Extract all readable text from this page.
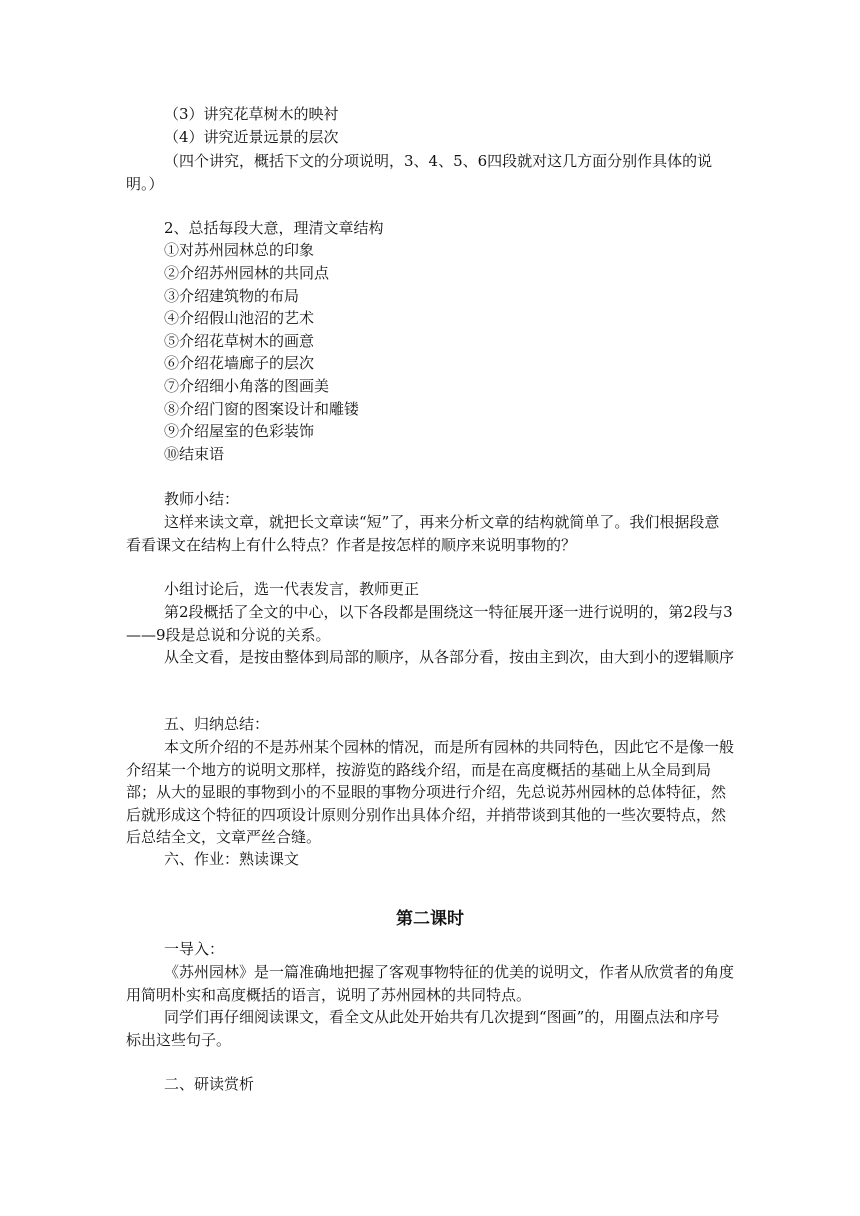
（3）讲究花草树木的映衬
（4）讲究近景远景的层次
（四个讲究，概括下文的分项说明，3、4、5、6四段就对这几方面分别作具体的说明。）
2、总括每段大意，理清文章结构
①对苏州园林总的印象
②介绍苏州园林的共同点
③介绍建筑物的布局
④介绍假山池沼的艺术
⑤介绍花草树木的画意
⑥介绍花墙廊子的层次
⑦介绍细小角落的图画美
⑧介绍门窗的图案设计和雕镂
⑨介绍屋室的色彩装饰
⑩结束语
教师小结：
这样来读文章，就把长文章读“短”了，再来分析文章的结构就简单了。我们根据段意看看课文在结构上有什么特点？作者是按怎样的顺序来说明事物的？
小组讨论后，选一代表发言，教师更正
第2段概括了全文的中心，以下各段都是围绕这一特征展开逐一进行说明的，第2段与3——9段是总说和分说的关系。
从全文看，是按由整体到局部的顺序，从各部分看，按由主到次，由大到小的逻辑顺序
五、归纳总结：
本文所介绍的不是苏州某个园林的情况，而是所有园林的共同特色，因此它不是像一般介绍某一个地方的说明文那样，按游览的路线介绍，而是在高度概括的基础上从全局到局部；从大的显眼的事物到小的不显眼的事物分项进行介绍，先总说苏州园林的总体特征，然后就形成这个特征的四项设计原则分别作出具体介绍，并捎带谈到其他的一些次要特点，然后总结全文，文章严丝合缝。
六、作业：熟读课文
第二课时
一导入：
《苏州园林》是一篇准确地把握了客观事物特征的优美的说明文，作者从欣赏者的角度用简明朴实和高度概括的语言，说明了苏州园林的共同特点。
同学们再仔细阅读课文，看全文从此处开始共有几次提到“图画”的，用圈点法和序号标出这些句子。
二、研读赏析
